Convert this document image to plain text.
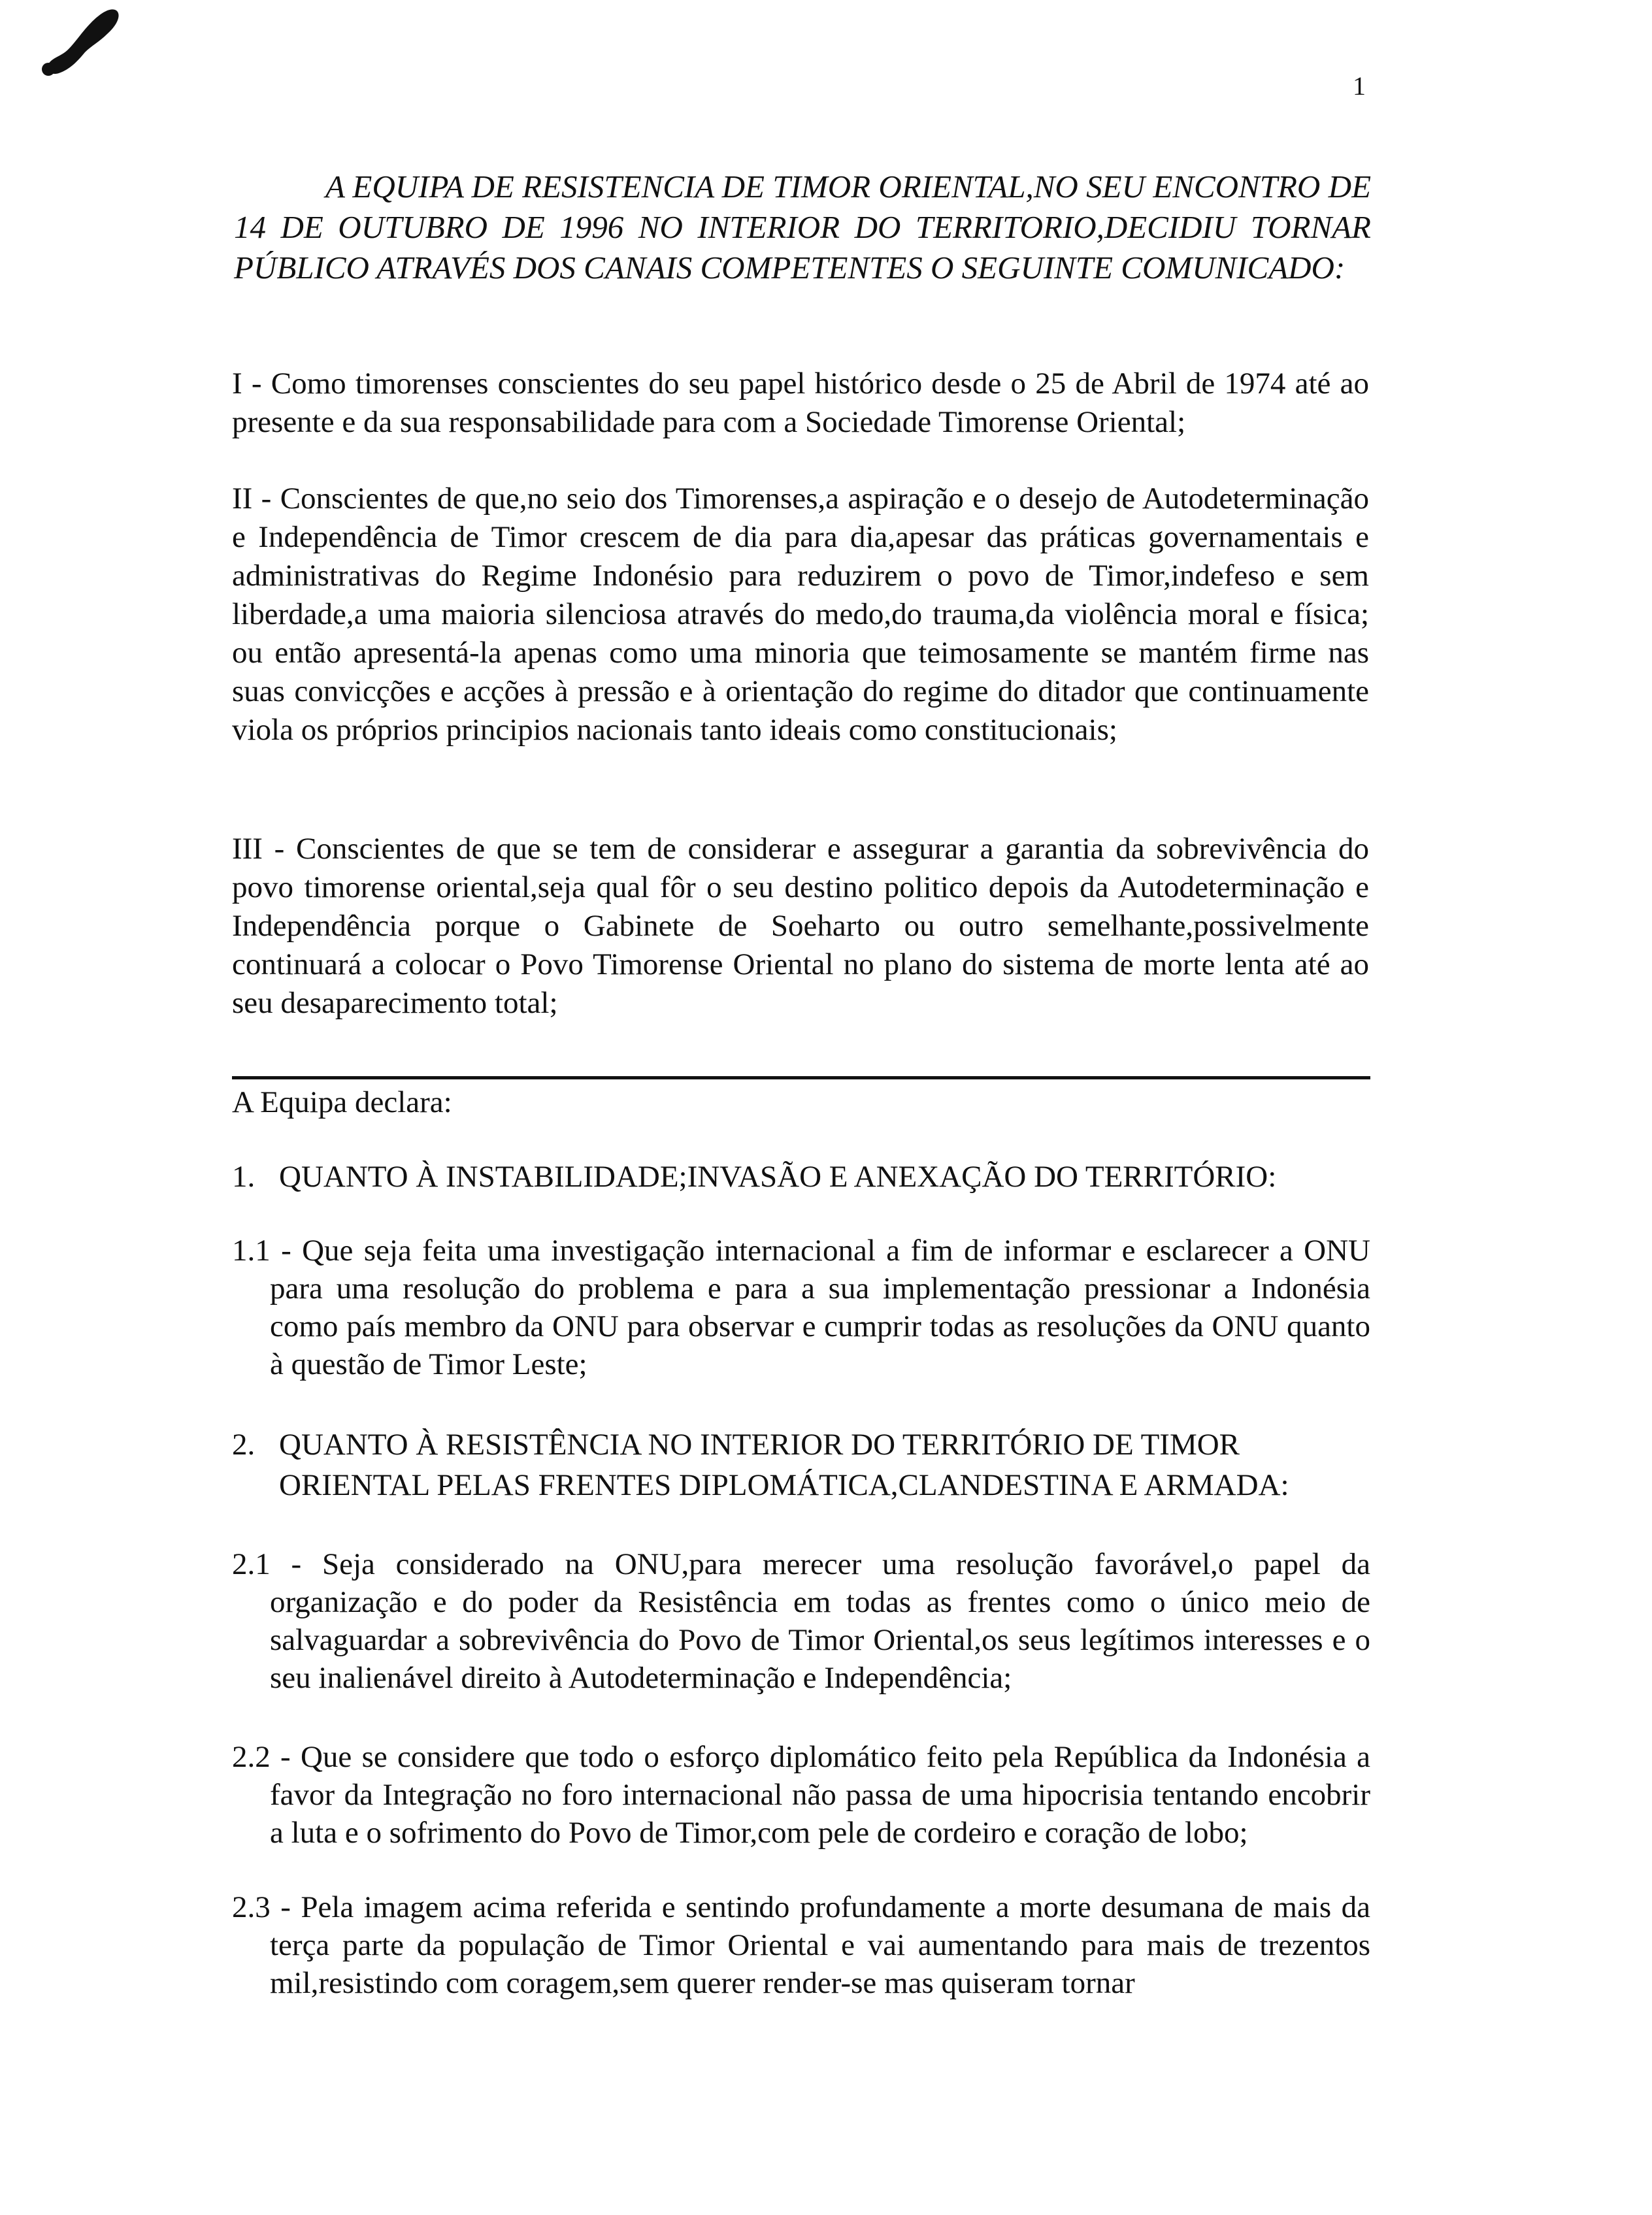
1

A EQUIPA DE RESISTENCIA DE TIMOR ORIENTAL,NO SEU ENCONTRO DE 14 DE OUTUBRO DE 1996 NO INTERIOR DO TERRITORIO,DECIDIU TORNAR PÚBLICO ATRAVÉS DOS CANAIS COMPETENTES O SEGUINTE COMUNICADO:

I - Como timorenses conscientes do seu papel histórico desde o 25 de Abril de 1974 até ao presente e da sua responsabilidade para com a Sociedade Timorense Oriental;

II - Conscientes de que,no seio dos Timorenses,a aspiração e o desejo de Autodeterminação e Independência de Timor crescem de dia para dia,apesar das práticas governamentais e administrativas do Regime Indonésio para reduzirem o povo de Timor,indefeso e sem liberdade,a uma maioria silenciosa através do medo,do trauma,da violência moral e física; ou então apresentá-la apenas como uma minoria que teimosamente se mantém firme nas suas convicções e acções à pressão e à orientação do regime do ditador que continuamente viola os próprios principios nacionais tanto ideais como constitucionais;

III - Conscientes de que se tem de considerar e assegurar a garantia da sobrevivência do povo timorense oriental,seja qual fôr o seu destino politico depois da Autodeterminação e Independência porque o Gabinete de Soeharto ou outro semelhante,possivelmente continuará a colocar o Povo Timorense Oriental no plano do sistema de morte lenta até ao seu desaparecimento total;

A Equipa declara:

1. QUANTO À INSTABILIDADE;INVASÃO E ANEXAÇÃO DO TERRITÓRIO:

1.1 - Que seja feita uma investigação internacional a fim de informar e esclarecer a ONU para uma resolução do problema e para a sua implementação pressionar a Indonésia como país membro da ONU para observar e cumprir todas as resoluções da ONU quanto à questão de Timor Leste;

2. QUANTO À RESISTÊNCIA NO INTERIOR DO TERRITÓRIO DE TIMOR
ORIENTAL PELAS FRENTES DIPLOMÁTICA,CLANDESTINA E ARMADA:

2.1 - Seja considerado na ONU,para merecer uma resolução favorável,o papel da organização e do poder da Resistência em todas as frentes como o único meio de salvaguardar a sobrevivência do Povo de Timor Oriental,os seus legítimos interesses e o seu inalienável direito à Autodeterminação e Independência;

2.2 - Que se considere que todo o esforço diplomático feito pela República da Indonésia a favor da Integração no foro internacional não passa de uma hipocrisia tentando encobrir a luta e o sofrimento do Povo de Timor,com pele de cordeiro e coração de lobo;

2.3 - Pela imagem acima referida e sentindo profundamente a morte desumana de mais da terça parte da população de Timor Oriental e vai aumentando para mais de trezentos mil,resistindo com coragem,sem querer render-se mas quiseram tornar
